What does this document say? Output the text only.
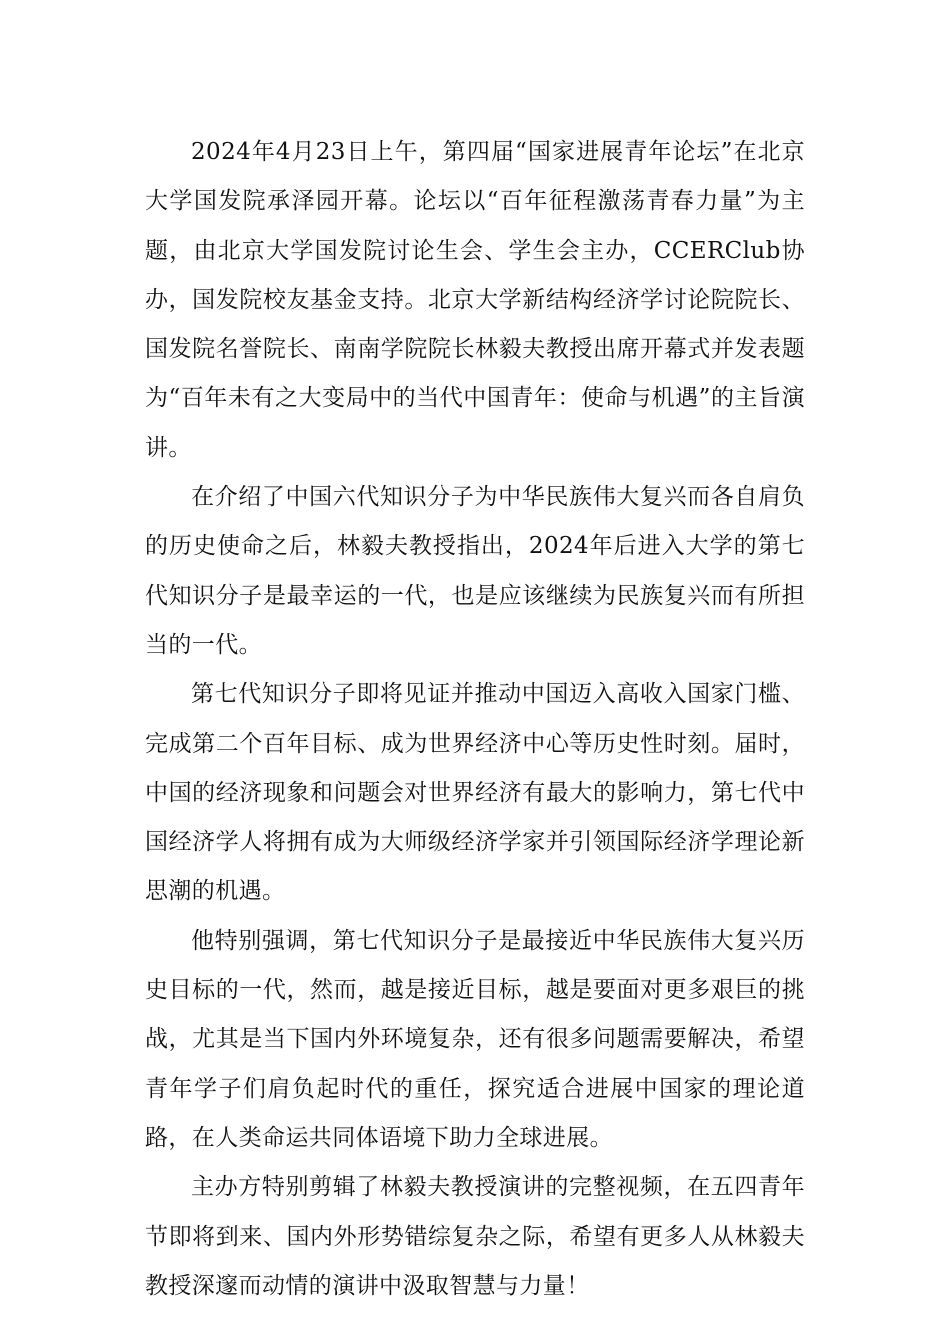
2024年4月23日上午，第四届“国家进展青年论坛”在北京大学国发院承泽园开幕。论坛以“百年征程激荡青春力量”为主题，由北京大学国发院讨论生会、学生会主办，CCERClub协办，国发院校友基金支持。北京大学新结构经济学讨论院院长、国发院名誉院长、南南学院院长林毅夫教授出席开幕式并发表题为“百年未有之大变局中的当代中国青年：使命与机遇”的主旨演讲。

在介绍了中国六代知识分子为中华民族伟大复兴而各自肩负的历史使命之后，林毅夫教授指出，2024年后进入大学的第七代知识分子是最幸运的一代，也是应该继续为民族复兴而有所担当的一代。

第七代知识分子即将见证并推动中国迈入高收入国家门槛、完成第二个百年目标、成为世界经济中心等历史性时刻。届时，中国的经济现象和问题会对世界经济有最大的影响力，第七代中国经济学人将拥有成为大师级经济学家并引领国际经济学理论新思潮的机遇。

他特别强调，第七代知识分子是最接近中华民族伟大复兴历史目标的一代，然而，越是接近目标，越是要面对更多艰巨的挑战，尤其是当下国内外环境复杂，还有很多问题需要解决，希望青年学子们肩负起时代的重任，探究适合进展中国家的理论道路，在人类命运共同体语境下助力全球进展。

主办方特别剪辑了林毅夫教授演讲的完整视频，在五四青年节即将到来、国内外形势错综复杂之际，希望有更多人从林毅夫教授深邃而动情的演讲中汲取智慧与力量！
